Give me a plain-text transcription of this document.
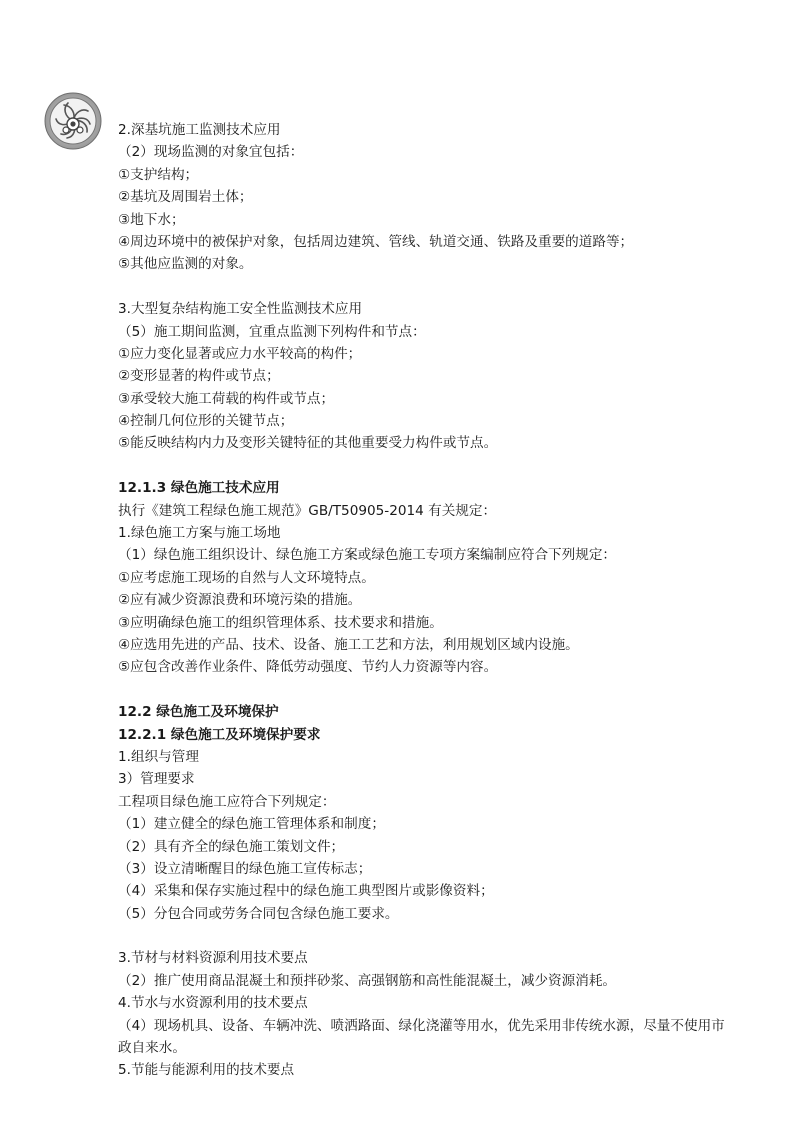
2.深基坑施工监测技术应用
（2）现场监测的对象宜包括：
①支护结构；
②基坑及周围岩土体；
③地下水；
④周边环境中的被保护对象，包括周边建筑、管线、轨道交通、铁路及重要的道路等；
⑤其他应监测的对象。
3.大型复杂结构施工安全性监测技术应用
（5）施工期间监测，宜重点监测下列构件和节点：
①应力变化显著或应力水平较高的构件；
②变形显著的构件或节点；
③承受较大施工荷载的构件或节点；
④控制几何位形的关键节点；
⑤能反映结构内力及变形关键特征的其他重要受力构件或节点。
12.1.3 绿色施工技术应用
执行《建筑工程绿色施工规范》GB/T50905-2014 有关规定：
1.绿色施工方案与施工场地
（1）绿色施工组织设计、绿色施工方案或绿色施工专项方案编制应符合下列规定：
①应考虑施工现场的自然与人文环境特点。
②应有减少资源浪费和环境污染的措施。
③应明确绿色施工的组织管理体系、技术要求和措施。
④应选用先进的产品、技术、设备、施工工艺和方法，利用规划区域内设施。
⑤应包含改善作业条件、降低劳动强度、节约人力资源等内容。
12.2 绿色施工及环境保护
12.2.1 绿色施工及环境保护要求
1.组织与管理
3）管理要求
工程项目绿色施工应符合下列规定：
（1）建立健全的绿色施工管理体系和制度；
（2）具有齐全的绿色施工策划文件；
（3）设立清晰醒目的绿色施工宣传标志；
（4）采集和保存实施过程中的绿色施工典型图片或影像资料；
（5）分包合同或劳务合同包含绿色施工要求。
3.节材与材料资源利用技术要点
（2）推广使用商品混凝土和预拌砂浆、高强钢筋和高性能混凝土，减少资源消耗。
4.节水与水资源利用的技术要点
（4）现场机具、设备、车辆冲洗、喷洒路面、绿化浇灌等用水，优先采用非传统水源，尽量不使用市政自来水。
5.节能与能源利用的技术要点
